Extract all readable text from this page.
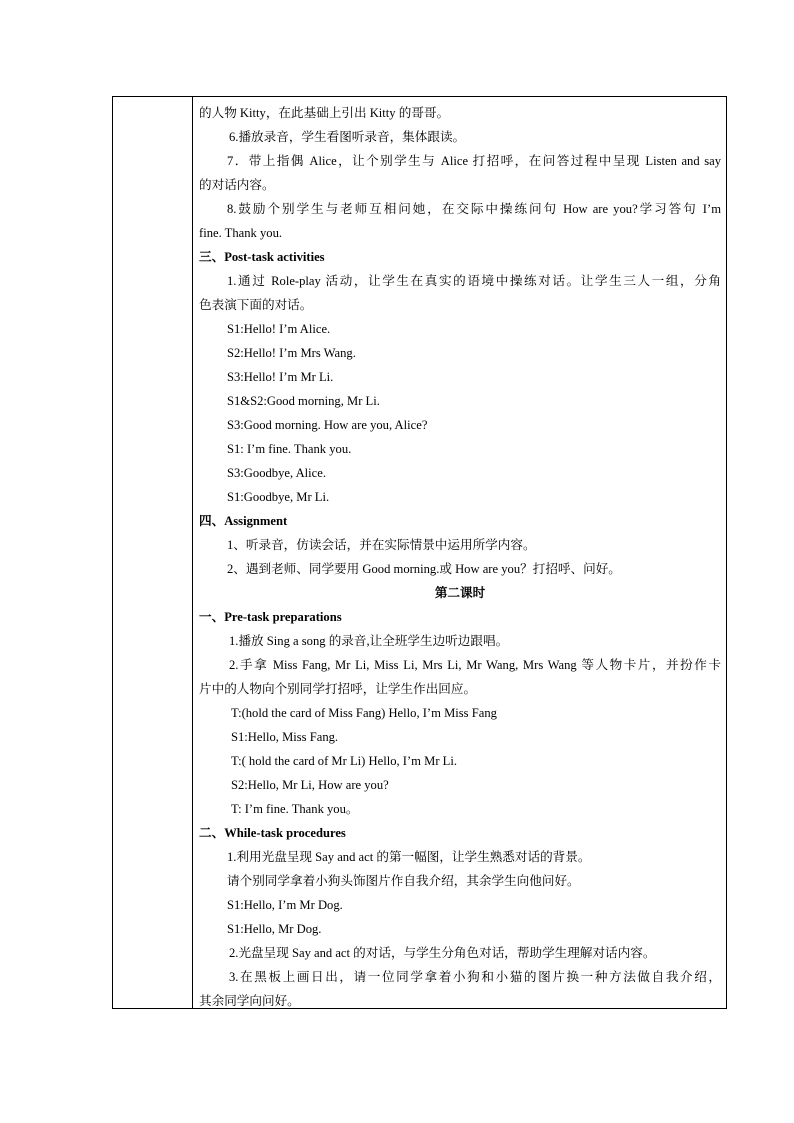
的人物 Kitty，在此基础上引出 Kitty 的哥哥。
6.播放录音，学生看图听录音，集体跟读。
7．带上指偶 Alice，让个别学生与 Alice 打招呼，在问答过程中呈现 Listen and say
的对话内容。
8.鼓励个别学生与老师互相问她，在交际中操练问句 How are you?学习答句 I’m
fine. Thank you.
三、Post-task activities
1.通过 Role-play 活动，让学生在真实的语境中操练对话。让学生三人一组，分角
色表演下面的对话。
S1:Hello! I’m Alice.
S2:Hello! I’m Mrs Wang.
S3:Hello! I’m Mr Li.
S1&S2:Good morning, Mr Li.
S3:Good morning. How are you, Alice?
S1: I’m fine. Thank you.
S3:Goodbye, Alice.
S1:Goodbye, Mr Li.
四、Assignment
1、听录音，仿读会话，并在实际情景中运用所学内容。
2、遇到老师、同学要用 Good morning.或 How are you？打招呼、问好。
第二课时
一、Pre-task preparations
1.播放 Sing a song 的录音,让全班学生边听边跟唱。
2.手拿 Miss Fang, Mr Li, Miss Li, Mrs Li, Mr Wang, Mrs Wang 等人物卡片，并扮作卡
片中的人物向个别同学打招呼，让学生作出回应。
T:(hold the card of Miss Fang) Hello, I’m Miss Fang
S1:Hello, Miss Fang.
T:( hold the card of Mr Li) Hello, I’m Mr Li.
S2:Hello, Mr Li, How are you?
T: I’m fine. Thank you。
二、While-task procedures
1.利用光盘呈现 Say and act 的第一幅图，让学生熟悉对话的背景。
请个别同学拿着小狗头饰图片作自我介绍，其余学生向他问好。
S1:Hello, I’m Mr Dog.
S1:Hello, Mr Dog.
2.光盘呈现 Say and act 的对话，与学生分角色对话，帮助学生理解对话内容。
3.在黑板上画日出，请一位同学拿着小狗和小猫的图片换一种方法做自我介绍，
其余同学向问好。
